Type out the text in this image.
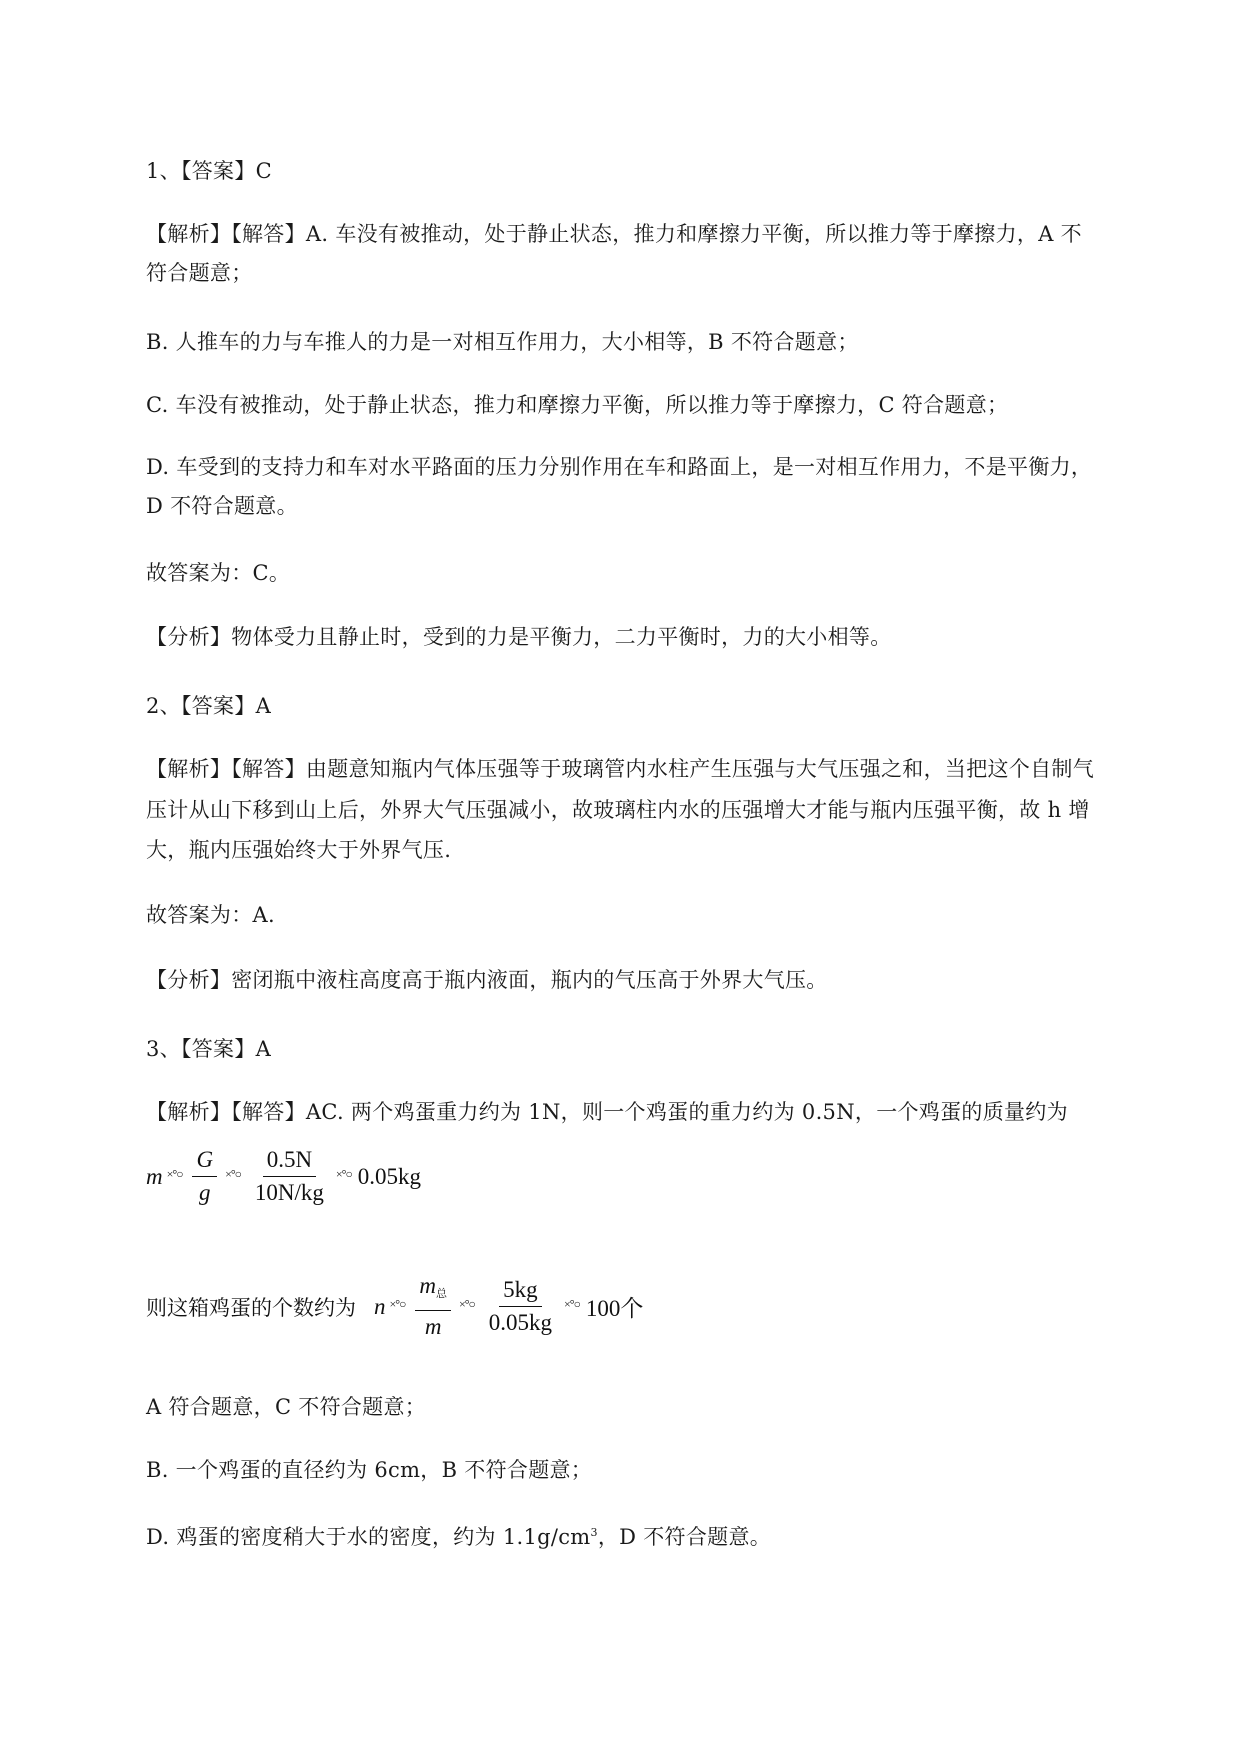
1、【答案】C
【解析】【解答】A. 车没有被推动，处于静止状态，推力和摩擦力平衡，所以推力等于摩擦力，A 不
符合题意；
B. 人推车的力与车推人的力是一对相互作用力，大小相等，B 不符合题意；
C. 车没有被推动，处于静止状态，推力和摩擦力平衡，所以推力等于摩擦力，C 符合题意；
D. 车受到的支持力和车对水平路面的压力分别作用在车和路面上，是一对相互作用力，不是平衡力，
D 不符合题意。
故答案为：C。
【分析】物体受力且静止时，受到的力是平衡力，二力平衡时，力的大小相等。
2、【答案】A
【解析】【解答】由题意知瓶内气体压强等于玻璃管内水柱产生压强与大气压强之和，当把这个自制气
压计从山下移到山上后，外界大气压强减小，故玻璃柱内水的压强增大才能与瓶内压强平衡，故 h 增
大，瓶内压强始终大于外界气压.
故答案为：A.
【分析】密闭瓶中液柱高度高于瓶内液面，瓶内的气压高于外界大气压。
3、【答案】A
【解析】【解答】AC. 两个鸡蛋重力约为 1N，则一个鸡蛋的重力约为 0.5N，一个鸡蛋的质量约为
m ×°○ $\frac{G}{g}$ ×°○ $\frac{0.5N}{10N/kg}$ ×°○ 0.05kg
则这箱鸡蛋的个数约为 n ×°○ $\frac{m_总}{m}$ ×°○ $\frac{5kg}{0.05kg}$ ×°○ 100个
A 符合题意，C 不符合题意；
B. 一个鸡蛋的直径约为 6cm，B 不符合题意；
D. 鸡蛋的密度稍大于水的密度，约为 $1.1g/cm^3$，D 不符合题意。
